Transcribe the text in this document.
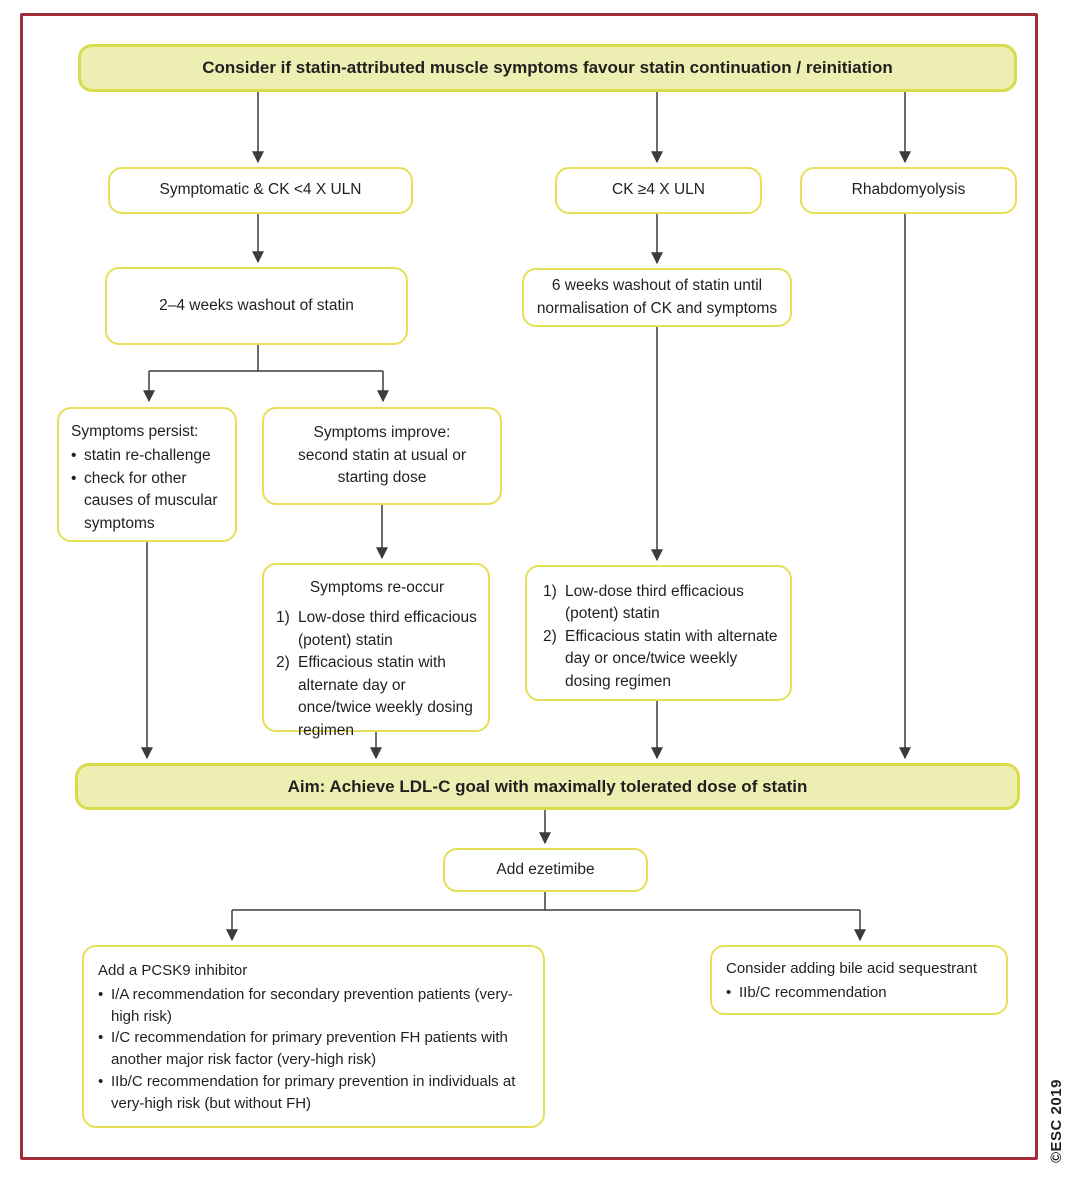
Consider if statin-attributed muscle symptoms favour statin continuation / reinitiation
Symptomatic & CK <4 X ULN	CK ≥4 X ULN	Rhabdomyolysis
2–4 weeks washout of statin
6 weeks washout of statin until normalisation of CK and symptoms
Symptoms persist:
• statin re-challenge
• check for other causes of muscular symptoms
Symptoms improve:
second statin at usual or
starting dose
Symptoms re-occur
1) Low-dose third efficacious (potent) statin
2) Efficacious statin with alternate day or once/twice weekly dosing regimen
1) Low-dose third efficacious (potent) statin
2) Efficacious statin with alternate day or once/twice weekly dosing regimen
Aim: Achieve LDL-C goal with maximally tolerated dose of statin
Add ezetimibe
Add a PCSK9 inhibitor
• I/A recommendation for secondary prevention patients (very-high risk)
• I/C recommendation for primary prevention FH patients with another major risk factor (very-high risk)
• IIb/C recommendation for primary prevention in individuals at very-high risk (but without FH)
Consider adding bile acid sequestrant
• IIb/C recommendation
©ESC 2019
